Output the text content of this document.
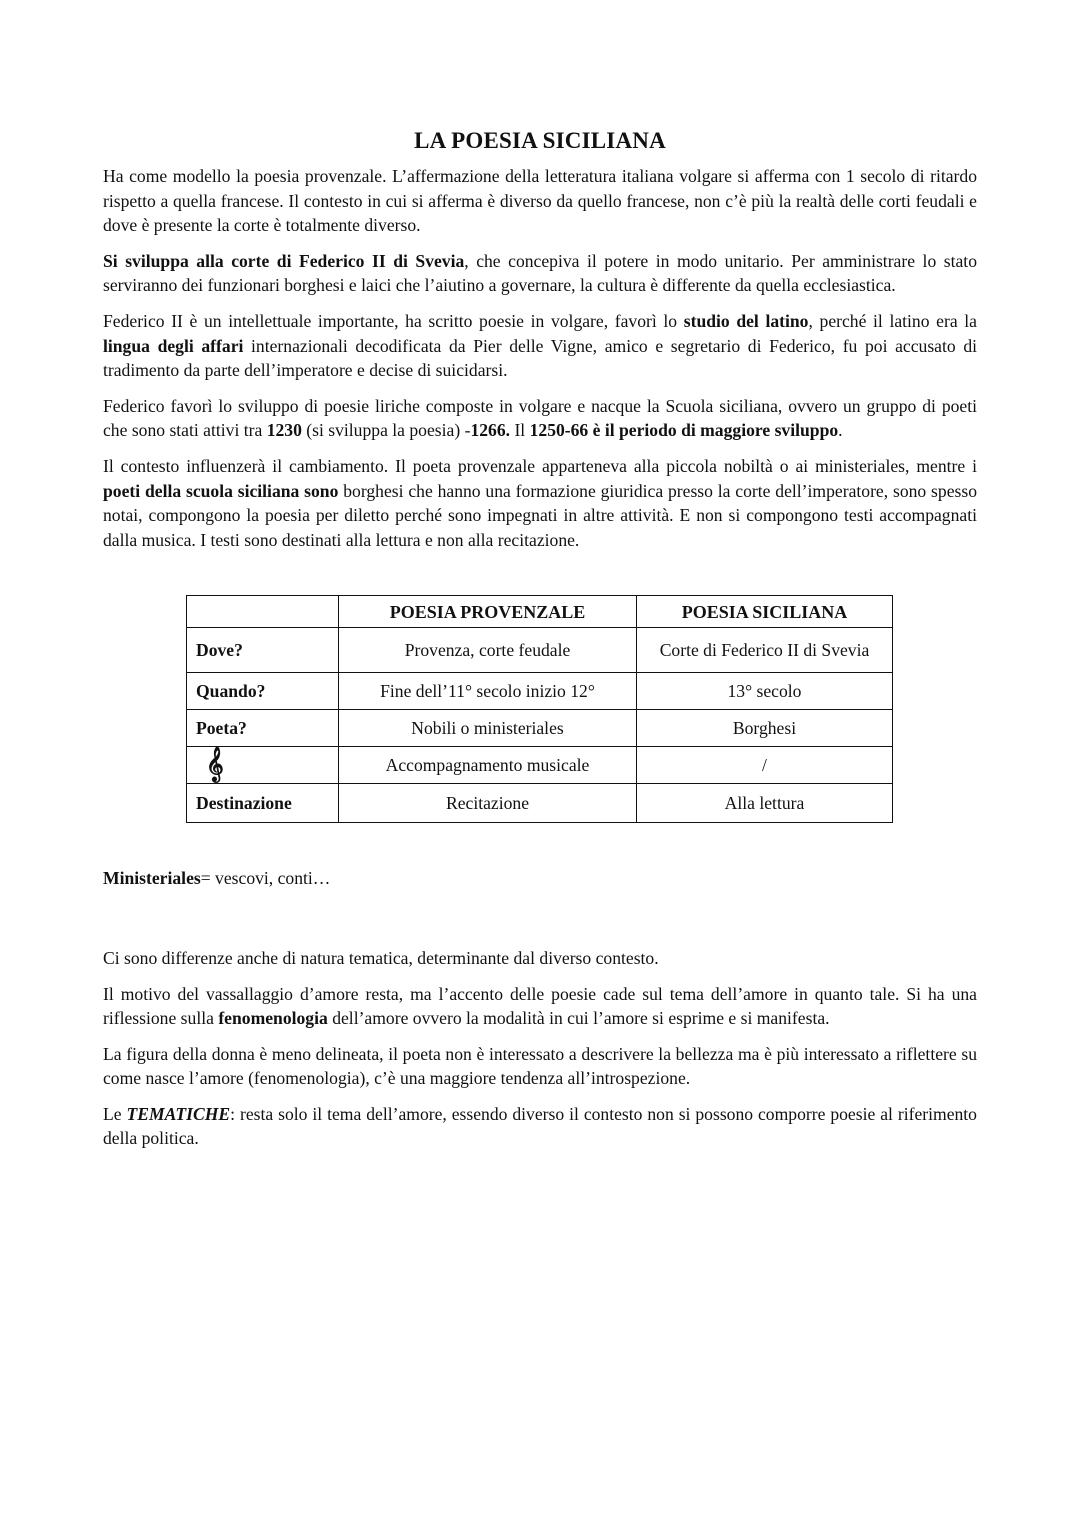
LA POESIA SICILIANA

Ha come modello la poesia provenzale. L’affermazione della letteratura italiana volgare si afferma con 1 secolo di ritardo rispetto a quella francese. Il contesto in cui si afferma è diverso da quello francese, non c’è più la realtà delle corti feudali e dove è presente la corte è totalmente diverso.

Si sviluppa alla corte di Federico II di Svevia, che concepiva il potere in modo unitario. Per amministrare lo stato serviranno dei funzionari borghesi e laici che l’aiutino a governare, la cultura è differente da quella ecclesiastica.

Federico II è un intellettuale importante, ha scritto poesie in volgare, favorì lo studio del latino, perché il latino era la lingua degli affari internazionali decodificata da Pier delle Vigne, amico e segretario di Federico, fu poi accusato di tradimento da parte dell’imperatore e decise di suicidarsi.

Federico favorì lo sviluppo di poesie liriche composte in volgare e nacque la Scuola siciliana, ovvero un gruppo di poeti che sono stati attivi tra 1230 (si sviluppa la poesia) -1266. Il 1250-66 è il periodo di maggiore sviluppo.

Il contesto influenzerà il cambiamento. Il poeta provenzale apparteneva alla piccola nobiltà o ai ministeriales, mentre i poeti della scuola siciliana sono borghesi che hanno una formazione giuridica presso la corte dell’imperatore, sono spesso notai, compongono la poesia per diletto perché sono impegnati in altre attività. E non si compongono testi accompagnati dalla musica. I testi sono destinati alla lettura e non alla recitazione.

	POESIA PROVENZALE	POESIA SICILIANA
Dove?	Provenza, corte feudale	Corte di Federico II di Svevia
Quando?	Fine dell’11° secolo inizio 12°	13° secolo
Poeta?	Nobili o ministeriales	Borghesi
𝄞	Accompagnamento musicale	/
Destinazione	Recitazione	Alla lettura

Ministeriales= vescovi, conti…

Ci sono differenze anche di natura tematica, determinante dal diverso contesto.

Il motivo del vassallaggio d’amore resta, ma l’accento delle poesie cade sul tema dell’amore in quanto tale. Si ha una riflessione sulla fenomenologia dell’amore ovvero la modalità in cui l’amore si esprime e si manifesta.

La figura della donna è meno delineata, il poeta non è interessato a descrivere la bellezza ma è più interessato a riflettere su come nasce l’amore (fenomenologia), c’è una maggiore tendenza all’introspezione.

Le TEMATICHE: resta solo il tema dell’amore, essendo diverso il contesto non si possono comporre poesie al riferimento della politica.
